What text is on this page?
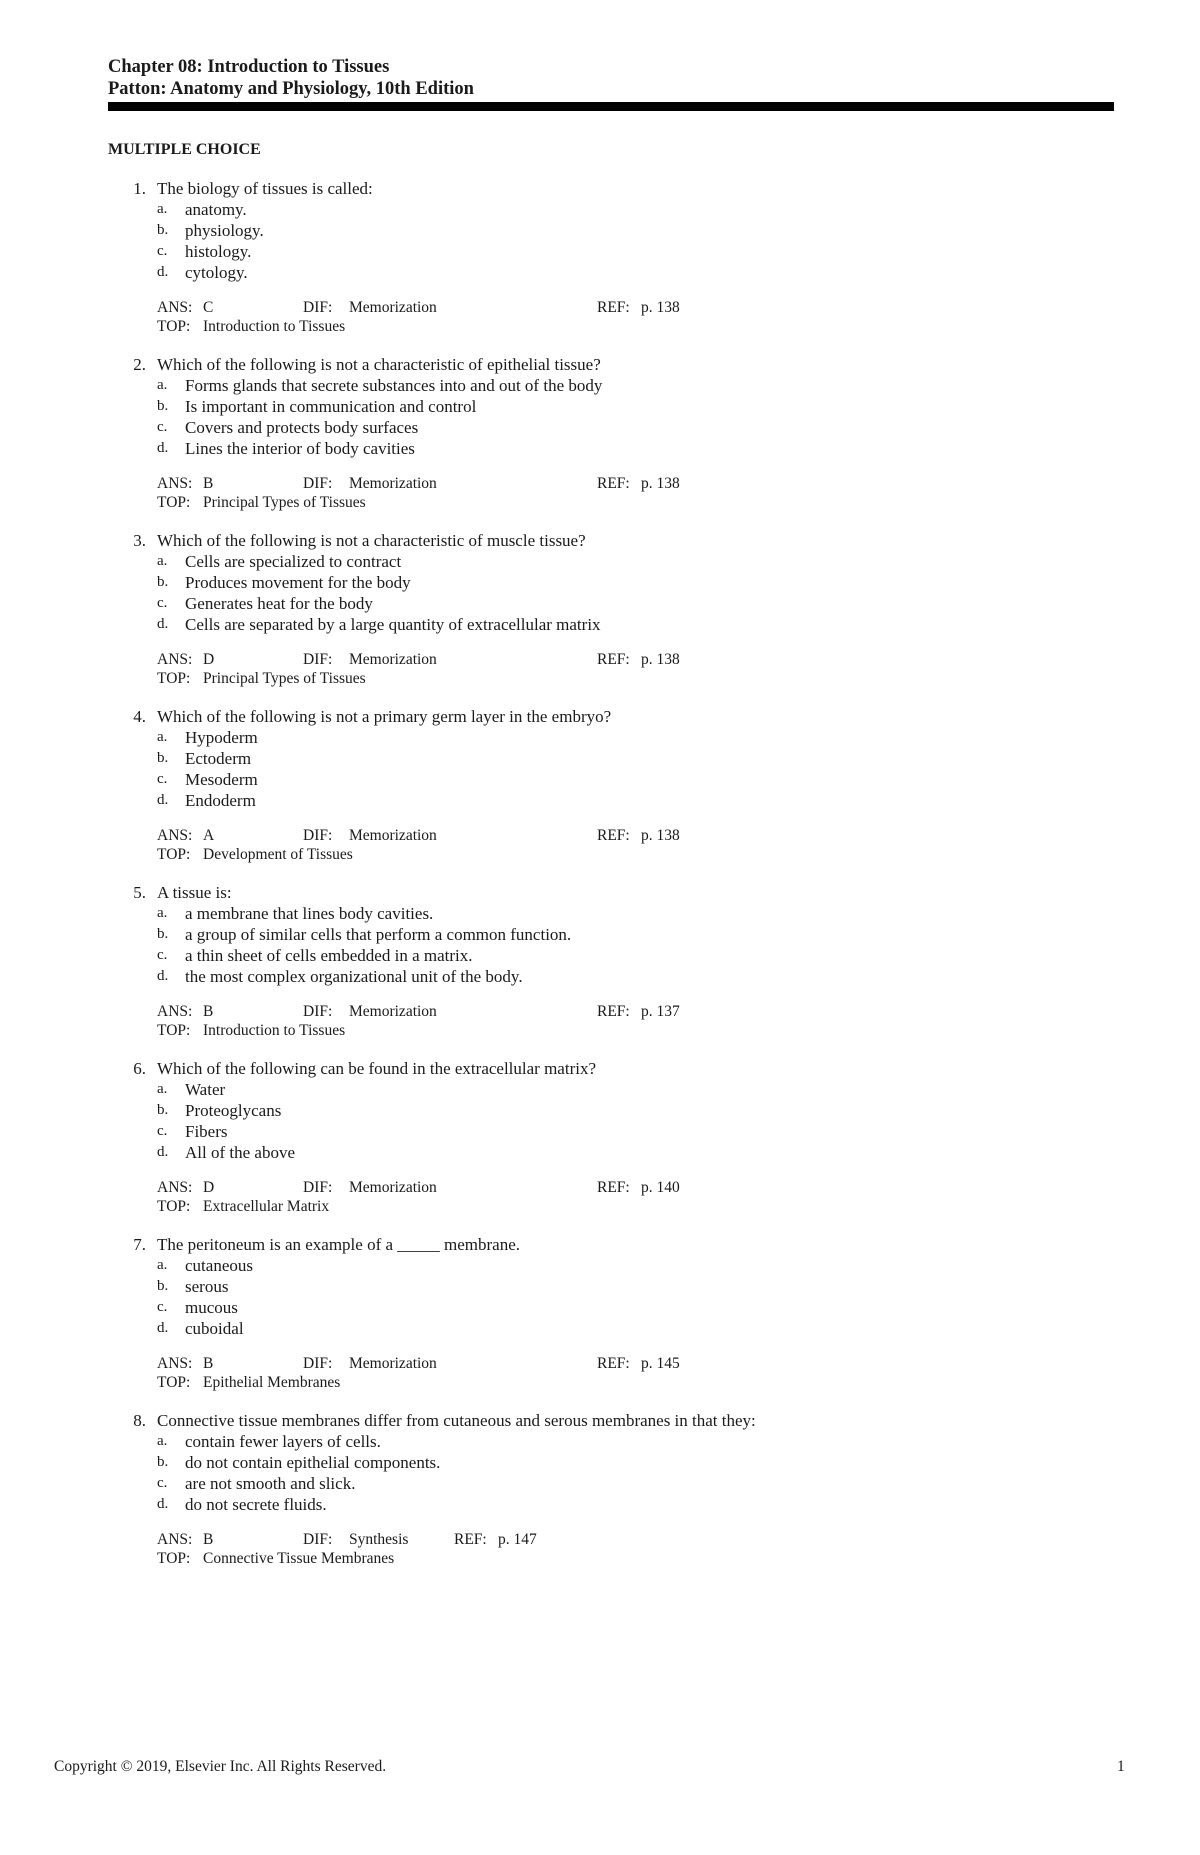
Chapter 08: Introduction to Tissues
Patton: Anatomy and Physiology, 10th Edition
MULTIPLE CHOICE
1. The biology of tissues is called:
a.	anatomy.
b. physiology.
c.	histology.
d. cytology.
ANS: C	DIF: Memorization	REF: p. 138
TOP: Introduction to Tissues
2. Which of the following is not a characteristic of epithelial tissue?
a.	Forms glands that secrete substances into and out of the body
b. Is important in communication and control
c.	Covers and protects body surfaces
d. Lines the interior of body cavities
ANS: B	DIF: Memorization	REF: p. 138
TOP: Principal Types of Tissues
3. Which of the following is not a characteristic of muscle tissue?
a.	Cells are specialized to contract
b. Produces movement for the body
c.	Generates heat for the body
d. Cells are separated by a large quantity of extracellular matrix
ANS: D	DIF: Memorization	REF: p. 138
TOP: Principal Types of Tissues
4. Which of the following is not a primary germ layer in the embryo?
a.	Hypoderm
b. Ectoderm
c.	Mesoderm
d. Endoderm
ANS: A	DIF: Memorization	REF: p. 138
TOP: Development of Tissues
5. A tissue is:
a.	a membrane that lines body cavities.
b. a group of similar cells that perform a common function.
c.	a thin sheet of cells embedded in a matrix.
d. the most complex organizational unit of the body.
ANS: B	DIF: Memorization	REF: p. 137
TOP: Introduction to Tissues
6. Which of the following can be found in the extracellular matrix?
a.	Water
b. Proteoglycans
c.	Fibers
d. All of the above
ANS: D	DIF: Memorization	REF: p. 140
TOP: Extracellular Matrix
7. The peritoneum is an example of a _____ membrane.
a.	cutaneous
b. serous
c.	mucous
d. cuboidal
ANS: B	DIF: Memorization	REF: p. 145
TOP: Epithelial Membranes
8. Connective tissue membranes differ from cutaneous and serous membranes in that they:
a.	contain fewer layers of cells.
b. do not contain epithelial components.
c.	are not smooth and slick.
d. do not secrete fluids.
ANS: B	DIF: Synthesis	REF: p. 147
TOP: Connective Tissue Membranes
Copyright © 2019, Elsevier Inc. All Rights Reserved.	1
